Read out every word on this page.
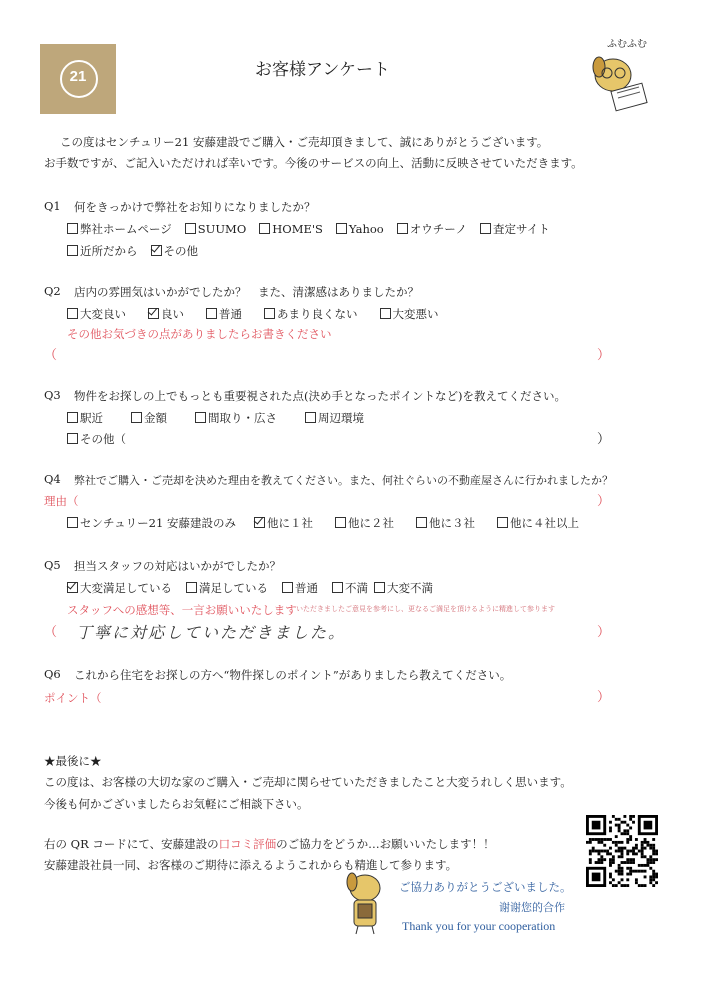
21	お客様アンケート
ふむふむ
この度はセンチュリー21 安藤建設でご購入・ご売却頂きまして、誠にありがとうございます。
お手数ですが、ご記入いただければ幸いです。今後のサービスの向上、活動に反映させていただきます。
Q1 何をきっかけで弊社をお知りになりましたか？
弊社ホームページ SUUMO HOME'S Yahoo オウチーノ 査定サイト
近所だから その他
Q2 店内の雰囲気はいかがでしたか？　また、清潔感はありましたか？
大変良い	良い	普通	あまり良くない	大変悪い
その他お気づきの点がありましたらお書きください
（	）
Q3 物件をお探しの上でもっとも重要視された点(決め手となったポイントなど)を教えてください。
駅近	金額	間取り・広さ	周辺環境
その他（	）
Q4 弊社でご購入・ご売却を決めた理由を教えてください。また、何社ぐらいの不動産屋さんに行かれましたか？
理由（	）
センチュリー21 安藤建設のみ	他に１社	他に２社	他に３社	他に４社以上
Q5 担当スタッフの対応はいかがでしたか？
大変満足している 満足している 普通 不満 大変不満
スタッフへの感想等、一言お願いいたします いただきましたご意見を参考にし、更なるご満足を頂けるように精進して参ります
（ 丁寧に対応していただきました。	）
Q6 これから住宅をお探しの方へ“物件探しのポイント”がありましたら教えてください。
ポイント（	）
★最後に★
この度は、お客様の大切な家のご購入・ご売却に関らせていただきましたこと大変うれしく思います。
今後も何かございましたらお気軽にご相談下さい。
右の QR コードにて、安藤建設の口コミ評価のご協力をどうか…お願いいたします！！
安藤建設社員一同、お客様のご期待に添えるようこれからも精進して参ります。
ご協力ありがとうございました。
谢谢您的合作
Thank you for your cooperation
